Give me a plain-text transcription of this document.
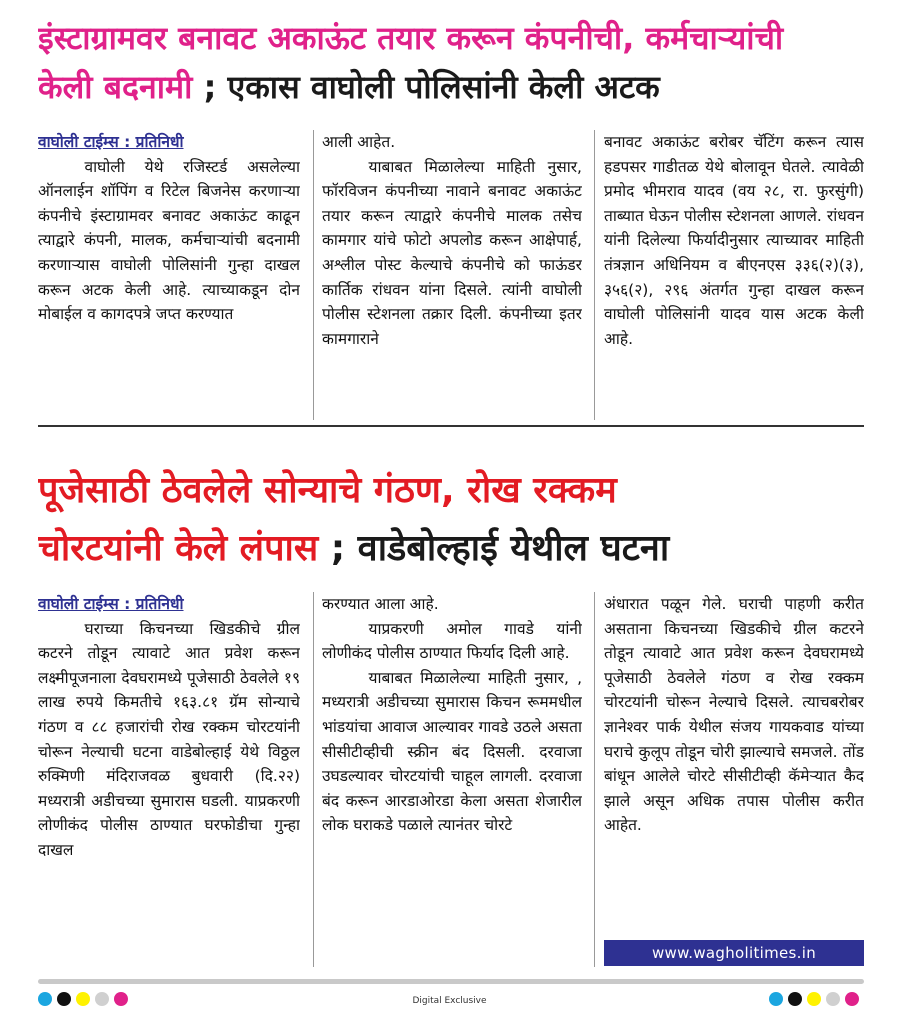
इंस्टाग्रामवर बनावट अकाऊंट तयार करून कंपनीची, कर्मचाऱ्यांची
केली बदनामी ; एकास वाघोली पोलिसांनी केली अटक

वाघोली टाईम्स : प्रतिनिधी

वाघोली येथे रजिस्टर्ड असलेल्या ऑनलाईन शॉपिंग व रिटेल बिजनेस करणाऱ्या कंपनीचे इंस्टाग्रामवर बनावट अकाऊंट काढून त्याद्वारे कंपनी, मालक, कर्मचाऱ्यांची बदनामी करणाऱ्यास वाघोली पोलिसांनी गुन्हा दाखल करून अटक केली आहे. त्याच्याकडून दोन मोबाईल व कागदपत्रे जप्त करण्यात

आली आहेत.

याबाबत मिळालेल्या माहिती नुसार, फॉरविजन कंपनीच्या नावाने बनावट अकाऊंट तयार करून त्याद्वारे कंपनीचे मालक तसेच कामगार यांचे फोटो अपलोड करून आक्षेपार्ह, अश्लील पोस्ट केल्याचे कंपनीचे को फाऊंडर कार्तिक रांधवन यांना दिसले. त्यांनी वाघोली पोलीस स्टेशनला तक्रार दिली. कंपनीच्या इतर कामगाराने

बनावट अकाऊंट बरोबर चॅटिंग करून त्यास हडपसर गाडीतळ येथे बोलावून घेतले. त्यावेळी प्रमोद भीमराव यादव (वय २८, रा. फुरसुंगी) ताब्यात घेऊन पोलीस स्टेशनला आणले. रांधवन यांनी दिलेल्या फिर्यादीनुसार त्याच्यावर माहिती तंत्रज्ञान अधिनियम व बीएनएस ३३६(२)(३), ३५६(२), २९६ अंतर्गत गुन्हा दाखल करून वाघोली पोलिसांनी यादव यास अटक केली आहे.

पूजेसाठी ठेवलेले सोन्याचे गंठण, रोख रक्कम
चोरटयांनी केले लंपास ; वाडेबोल्हाई येथील घटना

वाघोली टाईम्स : प्रतिनिधी

घराच्या किचनच्या खिडकीचे ग्रील कटरने तोडून त्यावाटे आत प्रवेश करून लक्ष्मीपूजनाला देवघरामध्ये पूजेसाठी ठेवलेले १९ लाख रुपये किमतीचे १६३.८१ ग्रॅम सोन्याचे गंठण व ८८ हजारांची रोख रक्कम चोरटयांनी चोरून नेल्याची घटना वाडेबोल्हाई येथे विठ्ठल रुक्मिणी मंदिराजवळ बुधवारी (दि.२२) मध्यरात्री अडीचच्या सुमारास घडली. याप्रकरणी लोणीकंद पोलीस ठाण्यात घरफोडीचा गुन्हा दाखल

करण्यात आला आहे.

याप्रकरणी अमोल गावडे यांनी लोणीकंद पोलीस ठाण्यात फिर्याद दिली आहे.

याबाबत मिळालेल्या माहिती नुसार, , मध्यरात्री अडीचच्या सुमारास किचन रूममधील भांडयांचा आवाज आल्यावर गावडे उठले असता सीसीटीव्हीची स्क्रीन बंद दिसली. दरवाजा उघडल्यावर चोरटयांची चाहूल लागली. दरवाजा बंद करून आरडाओरडा केला असता शेजारील लोक घराकडे पळाले त्यानंतर चोरटे

अंधारात पळून गेले. घराची पाहणी करीत असताना किचनच्या खिडकीचे ग्रील कटरने तोडून त्यावाटे आत प्रवेश करून देवघरामध्ये पूजेसाठी ठेवलेले गंठण व रोख रक्कम चोरटयांनी चोरून नेल्याचे दिसले. त्याचबरोबर ज्ञानेश्वर पार्क येथील संजय गायकवाड यांच्या घराचे कुलूप तोडून चोरी झाल्याचे समजले. तोंड बांधून आलेले चोरटे सीसीटीव्ही कॅमेऱ्यात कैद झाले असून अधिक तपास पोलीस करीत आहेत.

www.wagholitimes.in
Digital Exclusive
